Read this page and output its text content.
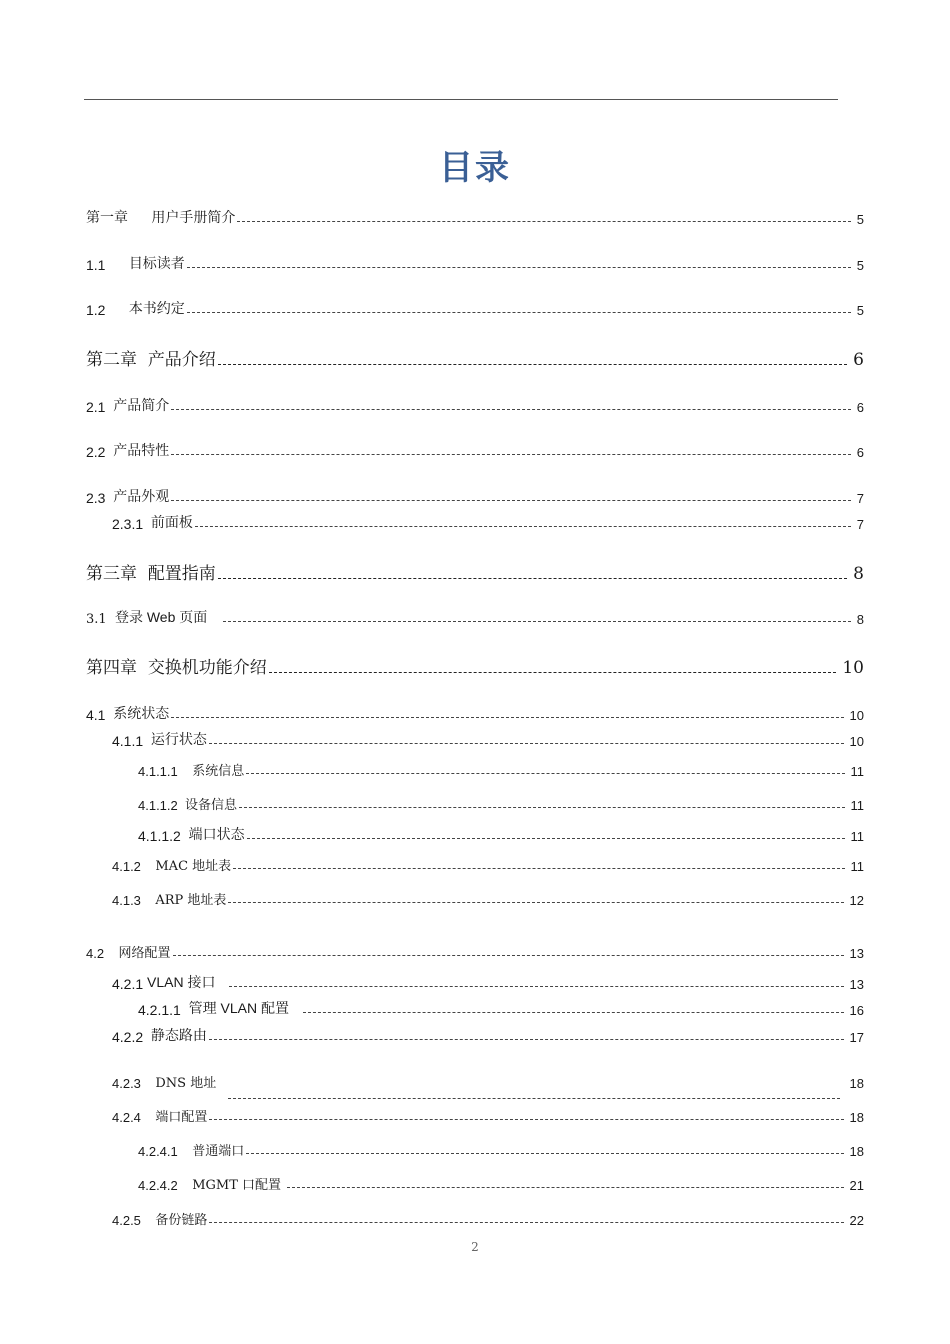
目录
第一章 用户手册简介	5
1.1 目标读者	5
1.2 本书约定	5
第二章 产品介绍	6
2.1 产品简介	6
2.2 产品特性	6
2.3 产品外观	7
2.3.1 前面板	7
第三章 配置指南	8
3.1 登录 Web 页面	8
第四章 交换机功能介绍	10
4.1 系统状态	10
4.1.1 运行状态	10
4.1.1.1 系统信息	11
4.1.1.2 设备信息	11
4.1.1.2 端口状态	11
4.1.2 MAC 地址表	11
4.1.3 ARP 地址表	12
4.2 网络配置	13
4.2.1 VLAN 接口	13
4.2.1.1 管理 VLAN 配置	16
4.2.2 静态路由	17
4.2.3 DNS 地址	18
4.2.4 端口配置	18
4.2.4.1 普通端口	18
4.2.4.2 MGMT 口配置	21
4.2.5 备份链路	22
2
